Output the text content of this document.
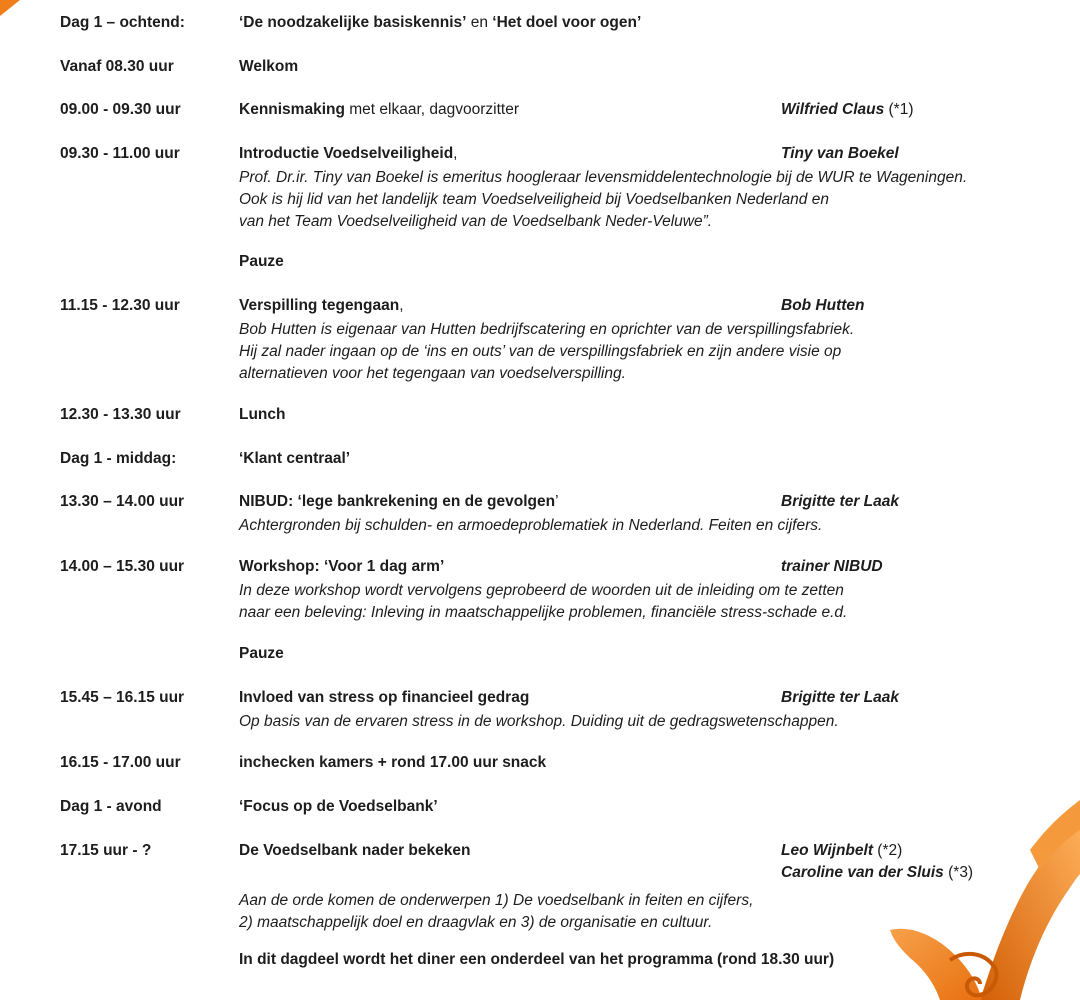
Dag 1 – ochtend:	‘De noodzakelijke basiskennis’ en ‘Het doel voor ogen’
Vanaf 08.30 uur	Welkom
09.00 - 09.30 uur	Kennismaking met elkaar, dagvoorzitter	Wilfried Claus (*1)
09.30 - 11.00 uur	Introductie Voedselveiligheid,	Tiny van Boekel
Prof. Dr.ir. Tiny van Boekel is emeritus hoogleraar levensmiddelentechnologie bij de WUR te Wageningen.
Ook is hij lid van het landelijk team Voedselveiligheid bij Voedselbanken Nederland en
van het Team Voedselveiligheid van de Voedselbank Neder-Veluwe”.
Pauze
11.15 - 12.30 uur	Verspilling tegengaan,	Bob Hutten
Bob Hutten is eigenaar van Hutten bedrijfscatering en oprichter van de verspillingsfabriek.
Hij zal nader ingaan op de ‘ins en outs’ van de verspillingsfabriek en zijn andere visie op
alternatieven voor het tegengaan van voedselverspilling.
12.30 - 13.30 uur	Lunch
Dag 1 - middag:	‘Klant centraal’
13.30 – 14.00 uur	NIBUD: ‘lege bankrekening en de gevolgen’	Brigitte ter Laak
Achtergronden bij schulden- en armoedeproblematiek in Nederland. Feiten en cijfers.
14.00 – 15.30 uur	Workshop: ‘Voor 1 dag arm’	trainer NIBUD
In deze workshop wordt vervolgens geprobeerd de woorden uit de inleiding om te zetten
naar een beleving: Inleving in maatschappelijke problemen, financiële stress-schade e.d.
Pauze
15.45 – 16.15 uur	Invloed van stress op financieel gedrag	Brigitte ter Laak
Op basis van de ervaren stress in de workshop. Duiding uit de gedragswetenschappen.
16.15 - 17.00 uur	inchecken kamers + rond 17.00 uur snack
Dag 1 - avond	‘Focus op de Voedselbank’
17.15 uur - ?	De Voedselbank nader bekeken	Leo Wijnbelt (*2)
Caroline van der Sluis (*3)
Aan de orde komen de onderwerpen 1) De voedselbank in feiten en cijfers,
2) maatschappelijk doel en draagvlak en 3) de organisatie en cultuur.
In dit dagdeel wordt het diner een onderdeel van het programma (rond 18.30 uur)
